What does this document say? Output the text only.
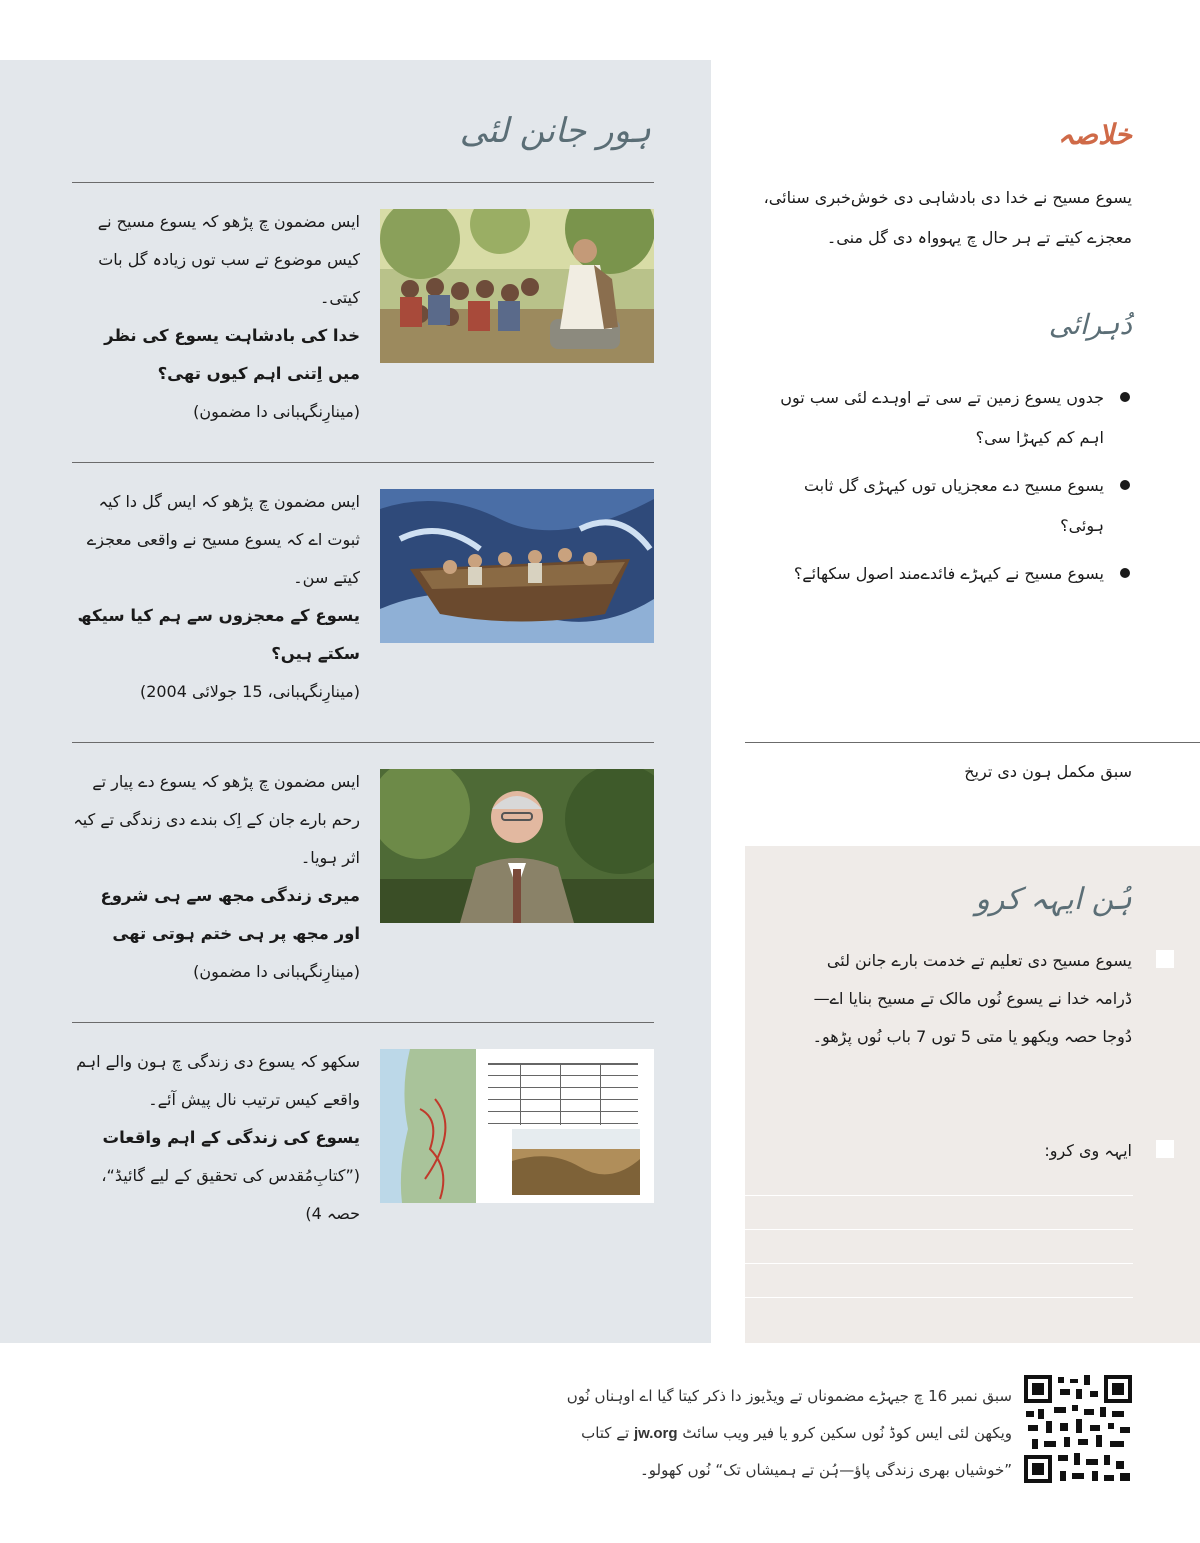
ہور جانن لئی
ایس مضمون چ پڑھو کہ یسوع مسیح نے کیس موضوع تے سب توں زیادہ گل بات کیتی۔
خدا کی بادشاہت یسوع کی نظر میں اِتنی اہم کیوں تھی؟
(مینارِنگہبانی دا مضمون)
ایس مضمون چ پڑھو کہ ایس گل دا کیہ ثبوت اے کہ یسوع مسیح نے واقعی معجزے کیتے سن۔
یسوع کے معجزوں سے ہم کیا سیکھ سکتے ہیں؟
(مینارِنگہبانی، 15 جولائی 2004)
ایس مضمون چ پڑھو کہ یسوع دے پیار تے رحم بارے جان کے اِک بندے دی زندگی تے کیہ اثر ہویا۔
میری زندگی مجھ سے ہی شروع اور مجھ پر ہی ختم ہوتی تھی
(مینارِنگہبانی دا مضمون)
سکھو کہ یسوع دی زندگی چ ہون والے اہم واقعے کیس ترتیب نال پیش آئے۔
یسوع کی زندگی کے اہم واقعات
(”کتابِ‌مُقدس کی تحقیق کے لیے گائیڈ“، حصہ 4)
خلاصہ
یسوع مسیح نے خدا دی بادشاہی دی خوش‌خبری سنائی، معجزے کیتے تے ہر حال چ یہوواہ دی گل منی۔
دُہرائی
جدوں یسوع زمین تے سی تے اوہدے لئی سب توں اہم کم کیہڑا سی؟
یسوع مسیح دے معجزیاں توں کیہڑی گل ثابت ہوئی؟
یسوع مسیح نے کیہڑے فائدے‌مند اصول سکھائے؟
سبق مکمل ہون دی تریخ
ہُن ایہہ کرو
یسوع مسیح دی تعلیم تے خدمت بارے جانن لئی ڈرامہ خدا نے یسوع نُوں مالک تے مسیح بنایا اے—دُوجا حصہ ویکھو یا متی 5 توں 7 باب نُوں پڑھو۔
ایہہ وی کرو:
سبق نمبر 16 چ جیہڑے مضموناں تے ویڈیوز دا ذکر کیتا گیا اے اوہناں نُوں ویکھن لئی ایس کوڈ نُوں سکین کرو یا فیر ویب سائٹ jw.org تے کتاب ”خوشیاں بھری زندگی پاؤ—ہُن تے ہمیشاں تک“ نُوں کھولو۔
